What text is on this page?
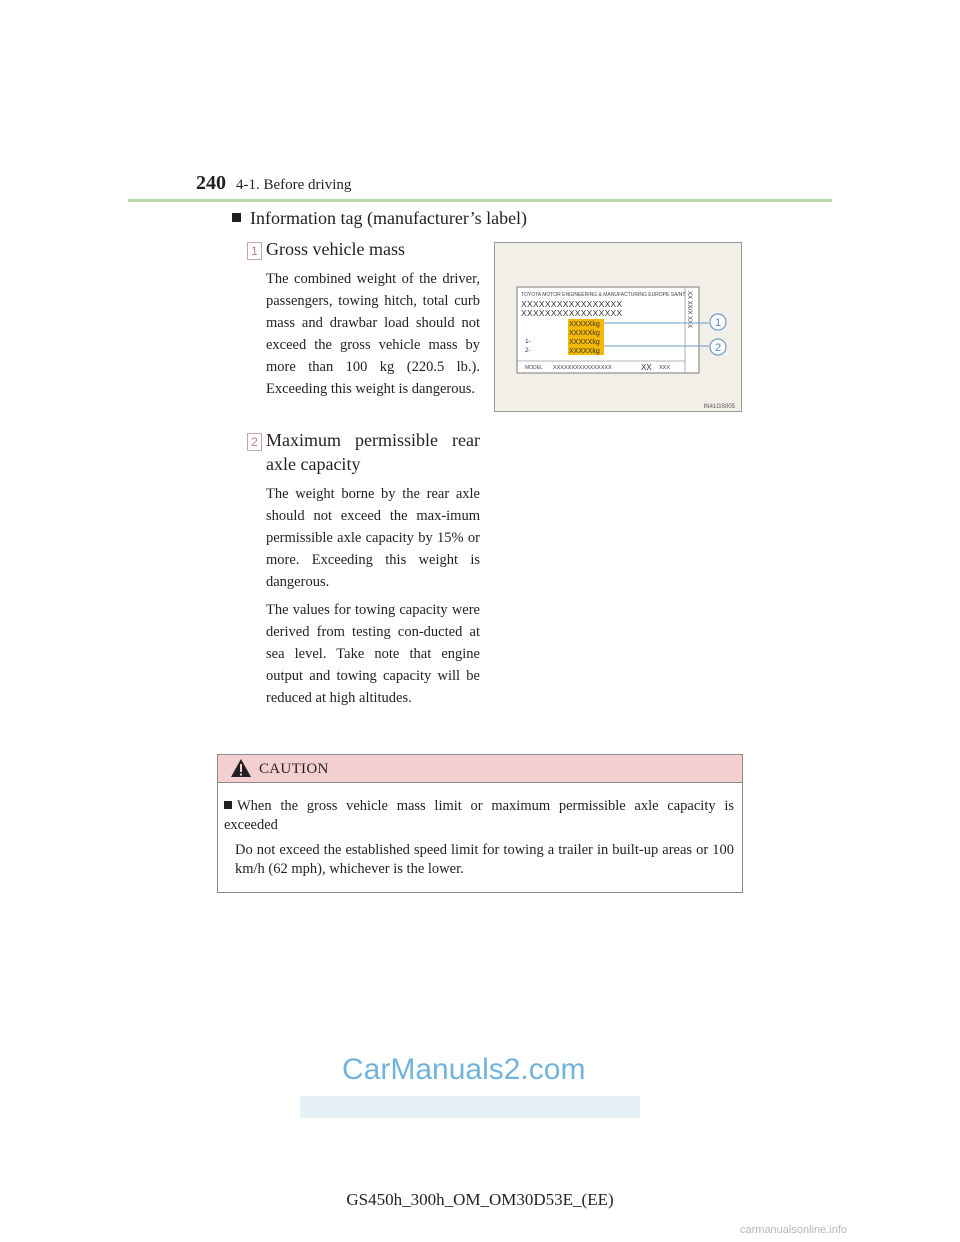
240 4-1. Before driving
Information tag (manufacturer’s label)
1 Gross vehicle mass
The combined weight of the driver, passengers, towing hitch, total curb mass and drawbar load should not exceed the gross vehicle mass by more than 100 kg (220.5 lb.). Exceeding this weight is dangerous.
2 Maximum permissible rear axle capacity
The weight borne by the rear axle should not exceed the max-imum permissible axle capacity by 15% or more. Exceeding this weight is dangerous.
The values for towing capacity were derived from testing con-ducted at sea level. Take note that engine output and towing capacity will be reduced at high altitudes.
TOYOTA MOTOR ENGINEERING & MANUFACTURING EUROPE SA/NT
XXXXXXXXXXXXXXXXX
XXXXXXXXXXXXXXXXX
XXXXXkg
XXXXXkg
XXXXXkg
XXXXXkg
1-
2-
MODEL XXXXXXXXXXXXXXXX	XX XXX
XX XX/X XXX 1
2
IN41GS005
CAUTION
When the gross vehicle mass limit or maximum permissible axle capacity is exceeded
Do not exceed the established speed limit for towing a trailer in built-up areas or 100 km/h (62 mph), whichever is the lower.
CarManuals2.com
GS450h_300h_OM_OM30D53E_(EE)
carmanualsonline.info
